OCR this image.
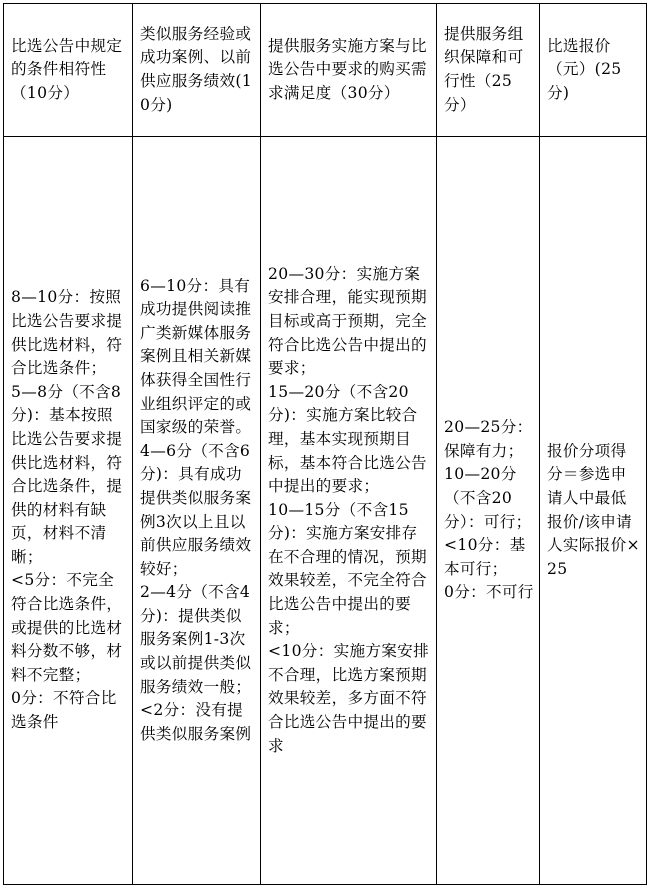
比选公告中规定的条件相符性（10分）	类似服务经验或成功案例、以前供应服务绩效(10分)	提供服务实施方案与比选公告中要求的购买需求满足度（30分）	提供服务组织保障和可行性（25分）	比选报价（元）(25分)

8—10分：按照比选公告要求提供比选材料，符合比选条件；
5—8分（不含8分)：基本按照比选公告要求提供比选材料，符合比选条件，提供的材料有缺页，材料不清晰；
<5分：不完全符合比选条件，或提供的比选材料分数不够，材料不完整；
0分：不符合比选条件	6—10分：具有成功提供阅读推广类新媒体服务案例且相关新媒体获得全国性行业组织评定的或国家级的荣誉。
4—6分（不含6分)：具有成功提供类似服务案例3次以上且以前供应服务绩效较好；
2—4分（不含4分)：提供类似服务案例1-3次或以前提供类似服务绩效一般；
<2分：没有提供类似服务案例	20—30分：实施方案安排合理，能实现预期目标或高于预期，完全符合比选公告中提出的要求；
15—20分（不含20分)：实施方案比较合理，基本实现预期目标，基本符合比选公告中提出的要求；
10—15分（不含15分)：实施方案安排存在不合理的情况，预期效果较差，不完全符合比选公告中提出的要求；
<10分：实施方案安排不合理，比选方案预期效果较差，多方面不符合比选公告中提出的要求	20—25分：保障有力；
10—20分（不含20分）：可行；
<10分：基本可行；
0分：不可行	报价分项得分＝参选申请人中最低报价/该申请人实际报价×25
